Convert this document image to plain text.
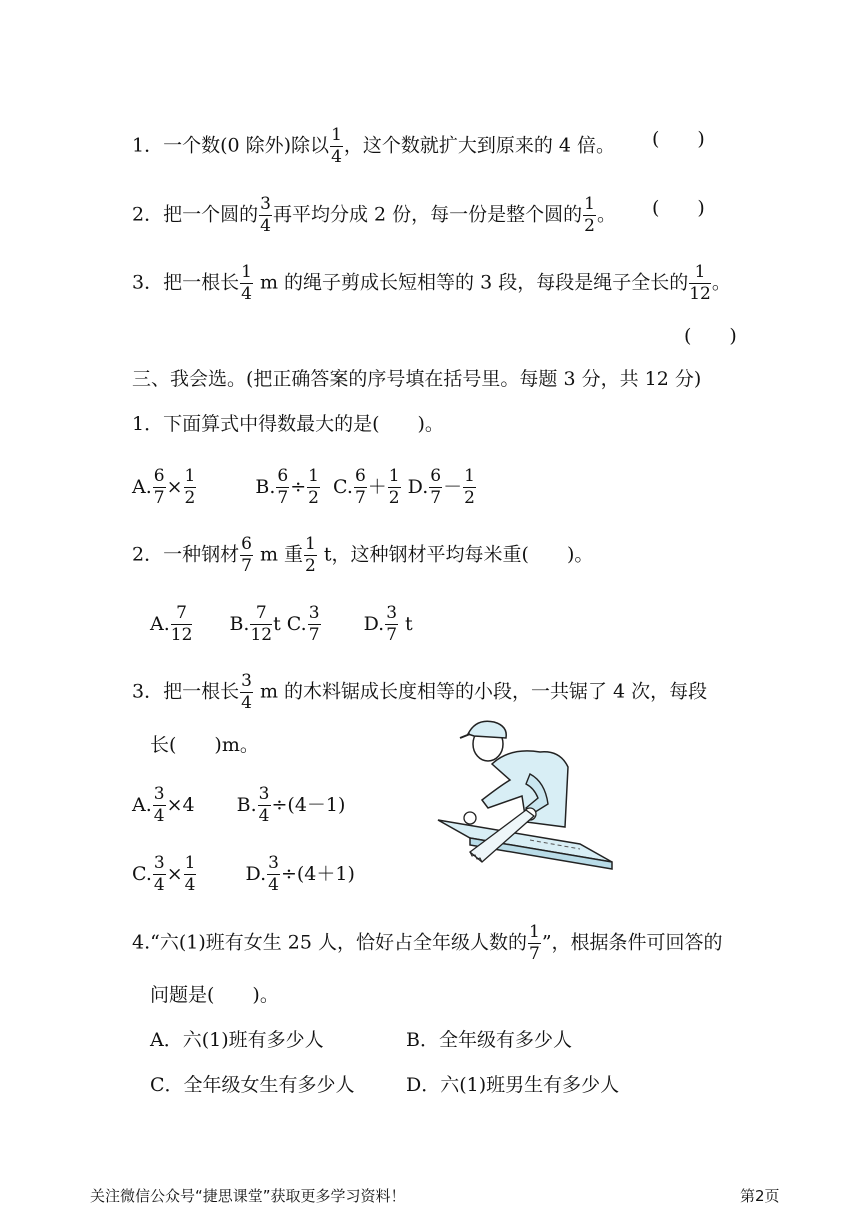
1．一个数(0 除外)除以 $\frac{1}{4}$ ，这个数就扩大到原来的 4 倍。 (　　)
2．把一个圆的 $\frac{3}{4}$ 再平均分成 2 份，每一份是整个圆的 $\frac{1}{2}$ 。 (　　)
3．把一根长 $\frac{1}{4}$ m 的绳子剪成长短相等的 3 段，每段是绳子全长的 $\frac{1}{12}$ 。
(　　)
三、我会选。(把正确答案的序号填在括号里。每题 3 分，共 12 分)
1．下面算式中得数最大的是(　　)。
A. $\frac{6}{7} \times \frac{1}{2}$	B. $\frac{6}{7} \div \frac{1}{2} C$. $\frac{6}{7} + \frac{1}{2} D$. $\frac{6}{7} - \frac{1}{2}$
2．一种钢材 $\frac{6}{7}$ m 重 $\frac{1}{2}$ t，这种钢材平均每米重(　　)。
A. $\frac{7}{12} B$. $\frac{7}{12}$ t C. $\frac{3}{7} D$. $\frac{3}{7}$ t
3．把一根长 $\frac{3}{4}$ m 的木料锯成长度相等的小段，一共锯了 4 次，每段
长(　　)m。
A. $\frac{3}{4} \times 4$ B. $\frac{3}{4} \div(4-1)$
C. $\frac{3}{4} \times \frac{1}{4}$	D. $\frac{3}{4} \div(4+1)$
4.“六(1)班有女生 25 人，恰好占全年级人数的 $\frac{1}{7}$ ”，根据条件可回答的
问题是(　　)。
A．六(1)班有多少人	B．全年级有多少人
C．全年级女生有多少人	D．六(1)班男生有多少人
关注微信公众号“捷思课堂”获取更多学习资料！	第2页
